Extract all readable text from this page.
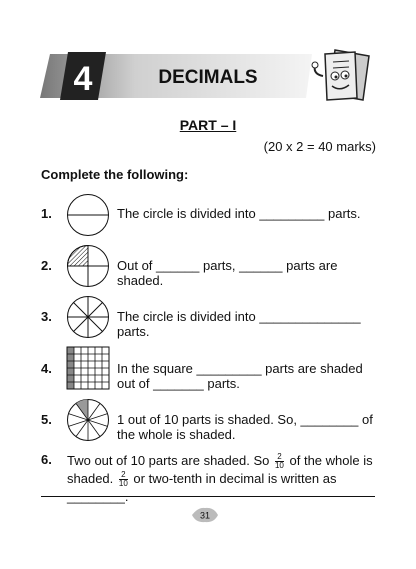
4	DECIMALS
PART – I
(20 x 2 = 40 marks)
Complete the following:
1.	The circle is divided into _________ parts.
2.	Out of ______ parts, ______ parts are shaded.
3.	The circle is divided into ______________ parts.
4.	In the square _________ parts are shaded out of _______ parts.
5.	1 out of 10 parts is shaded. So, ________ of the whole is shaded.
6. Two out of 10 parts are shaded. So $\frac{2}{10}$ of the whole is
shaded. $\frac{2}{10}$ or two-tenth in decimal is written as ________.
31
